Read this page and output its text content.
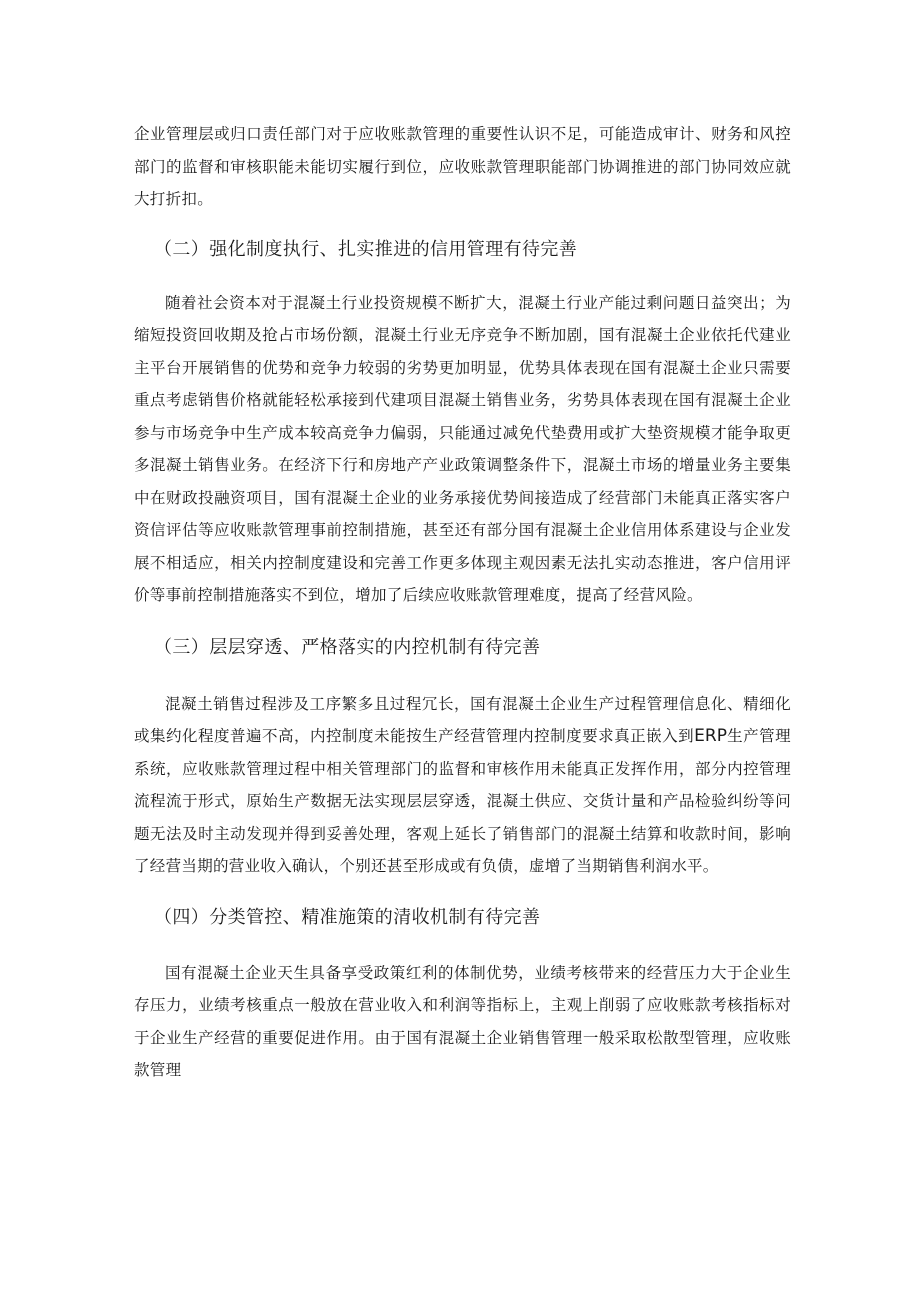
企业管理层或归口责任部门对于应收账款管理的重要性认识不足，可能造成审计、财务和风控部门的监督和审核职能未能切实履行到位，应收账款管理职能部门协调推进的部门协同效应就大打折扣。

（二）强化制度执行、扎实推进的信用管理有待完善

随着社会资本对于混凝土行业投资规模不断扩大，混凝土行业产能过剩问题日益突出；为缩短投资回收期及抢占市场份额，混凝土行业无序竞争不断加剧，国有混凝土企业依托代建业主平台开展销售的优势和竞争力较弱的劣势更加明显，优势具体表现在国有混凝土企业只需要重点考虑销售价格就能轻松承接到代建项目混凝土销售业务，劣势具体表现在国有混凝土企业参与市场竞争中生产成本较高竞争力偏弱，只能通过减免代垫费用或扩大垫资规模才能争取更多混凝土销售业务。在经济下行和房地产产业政策调整条件下，混凝土市场的增量业务主要集中在财政投融资项目，国有混凝土企业的业务承接优势间接造成了经营部门未能真正落实客户资信评估等应收账款管理事前控制措施，甚至还有部分国有混凝土企业信用体系建设与企业发展不相适应，相关内控制度建设和完善工作更多体现主观因素无法扎实动态推进，客户信用评价等事前控制措施落实不到位，增加了后续应收账款管理难度，提高了经营风险。

（三）层层穿透、严格落实的内控机制有待完善

混凝土销售过程涉及工序繁多且过程冗长，国有混凝土企业生产过程管理信息化、精细化或集约化程度普遍不高，内控制度未能按生产经营管理内控制度要求真正嵌入到ERP生产管理系统，应收账款管理过程中相关管理部门的监督和审核作用未能真正发挥作用，部分内控管理流程流于形式，原始生产数据无法实现层层穿透，混凝土供应、交货计量和产品检验纠纷等问题无法及时主动发现并得到妥善处理，客观上延长了销售部门的混凝土结算和收款时间，影响了经营当期的营业收入确认，个别还甚至形成或有负债，虚增了当期销售利润水平。

（四）分类管控、精准施策的清收机制有待完善

国有混凝土企业天生具备享受政策红利的体制优势，业绩考核带来的经营压力大于企业生存压力，业绩考核重点一般放在营业收入和利润等指标上，主观上削弱了应收账款考核指标对于企业生产经营的重要促进作用。由于国有混凝土企业销售管理一般采取松散型管理，应收账款管理
